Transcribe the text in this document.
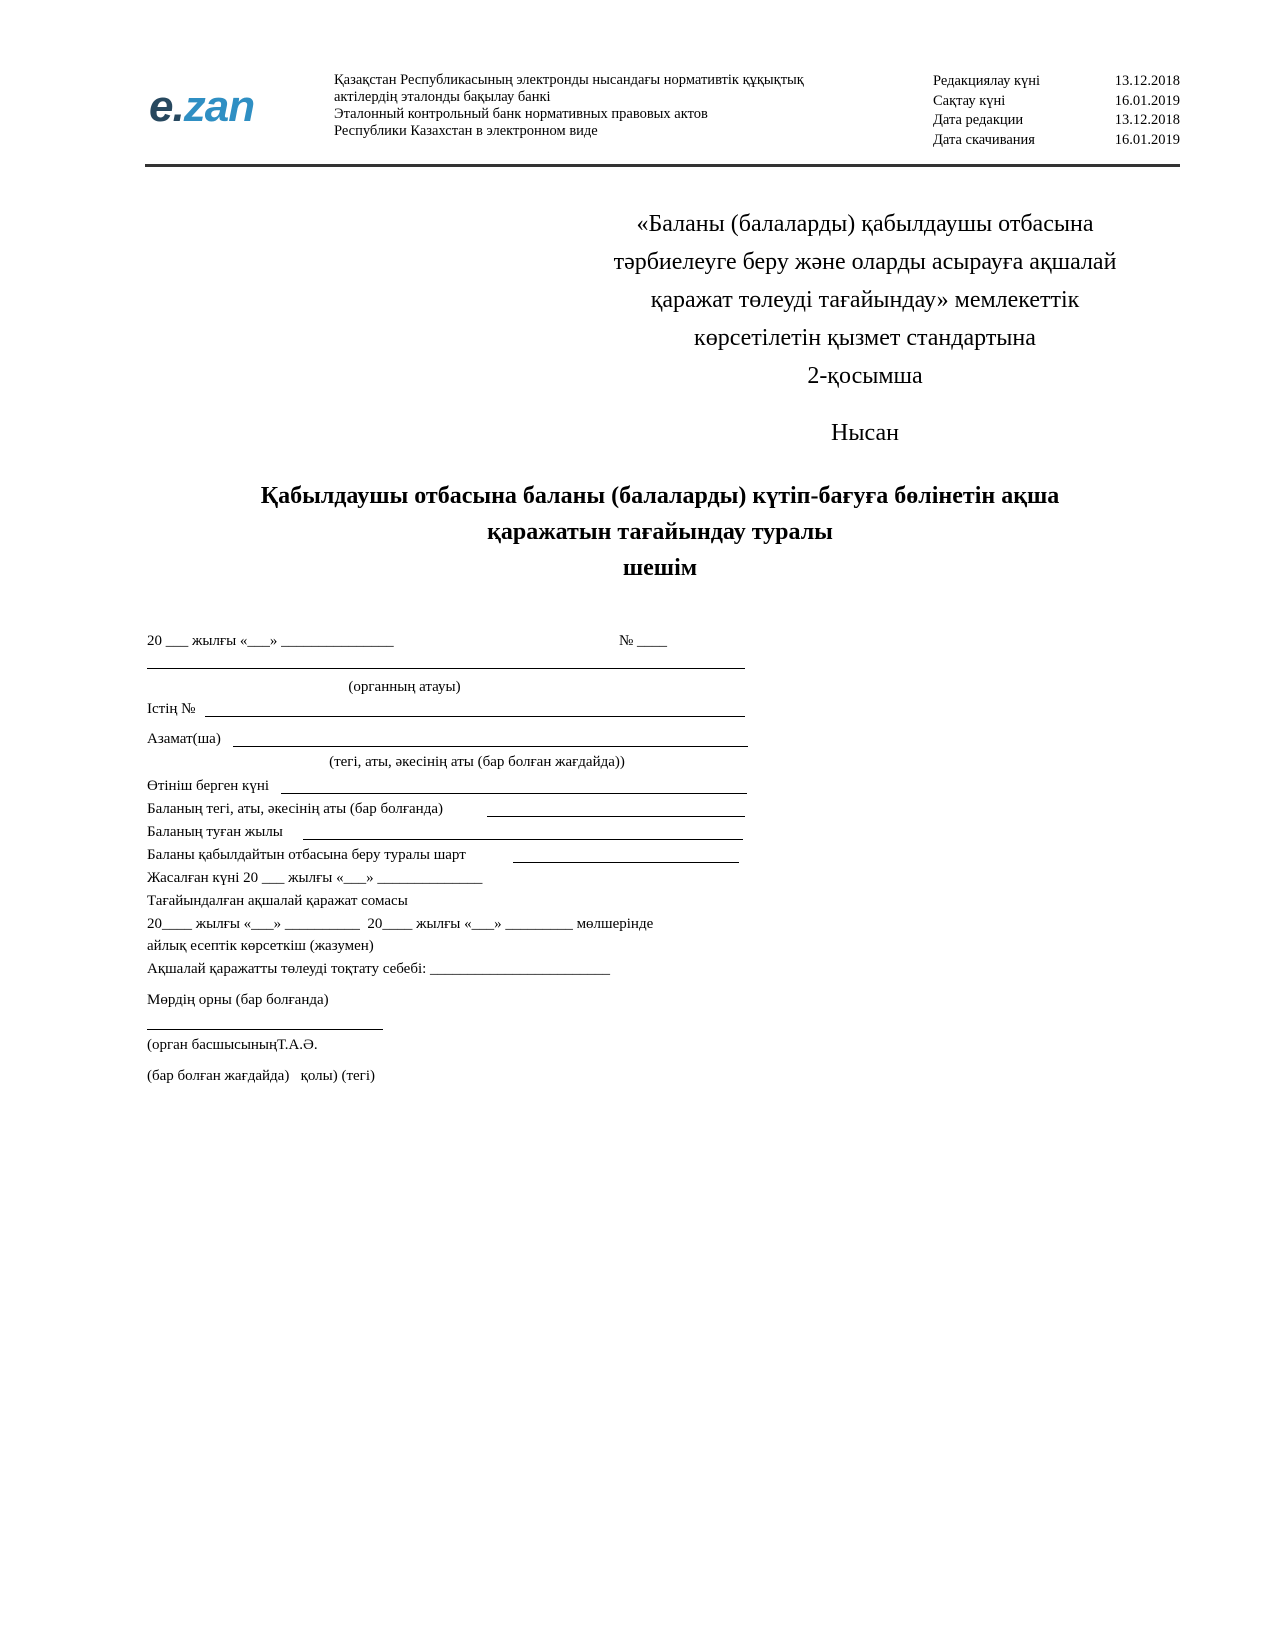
e.zan
Қазақстан Республикасының электронды нысандағы нормативтік құқықтық
актілердің эталонды бақылау банкі
Эталонный контрольный банк нормативных правовых актов
Республики Казахстан в электронном виде
Редакциялау күні	13.12.2018
Сақтау күні	16.01.2019
Дата редакции	13.12.2018
Дата скачивания	16.01.2019
«Баланы (балаларды) қабылдаушы отбасына
тәрбиелеуге беру және оларды асырауға ақшалай
қаражат төлеуді тағайындау» мемлекеттік
көрсетілетін қызмет стандартына
2-қосымша
Нысан
Қабылдаушы отбасына баланы (балаларды) күтіп-бағуға бөлінетін ақша
қаражатын тағайындау туралы
шешім
20 ___ жылғы «___» _______________	№ ____
(органның атауы)
Істің №
Азамат(ша)
(тегі, аты, әкесінің аты (бар болған жағдайда))
Өтініш берген күні
Баланың тегі, аты, әкесінің аты (бар болғанда)
Баланың туған жылы
Баланы қабылдайтын отбасына беру туралы шарт
Жасалған күні 20 ___ жылғы «___» ______________
Тағайындалған ақшалай қаражат сомасы
20____ жылғы «___» __________  20____ жылғы «___» _________ мөлшерінде
айлық есептік көрсеткіш (жазумен)
Ақшалай қаражатты төлеуді тоқтату себебі: ________________________
Мөрдің орны (бар болғанда)
(орган басшысыныңТ.А.Ә.
(бар болған жағдайда)   қолы) (тегі)
